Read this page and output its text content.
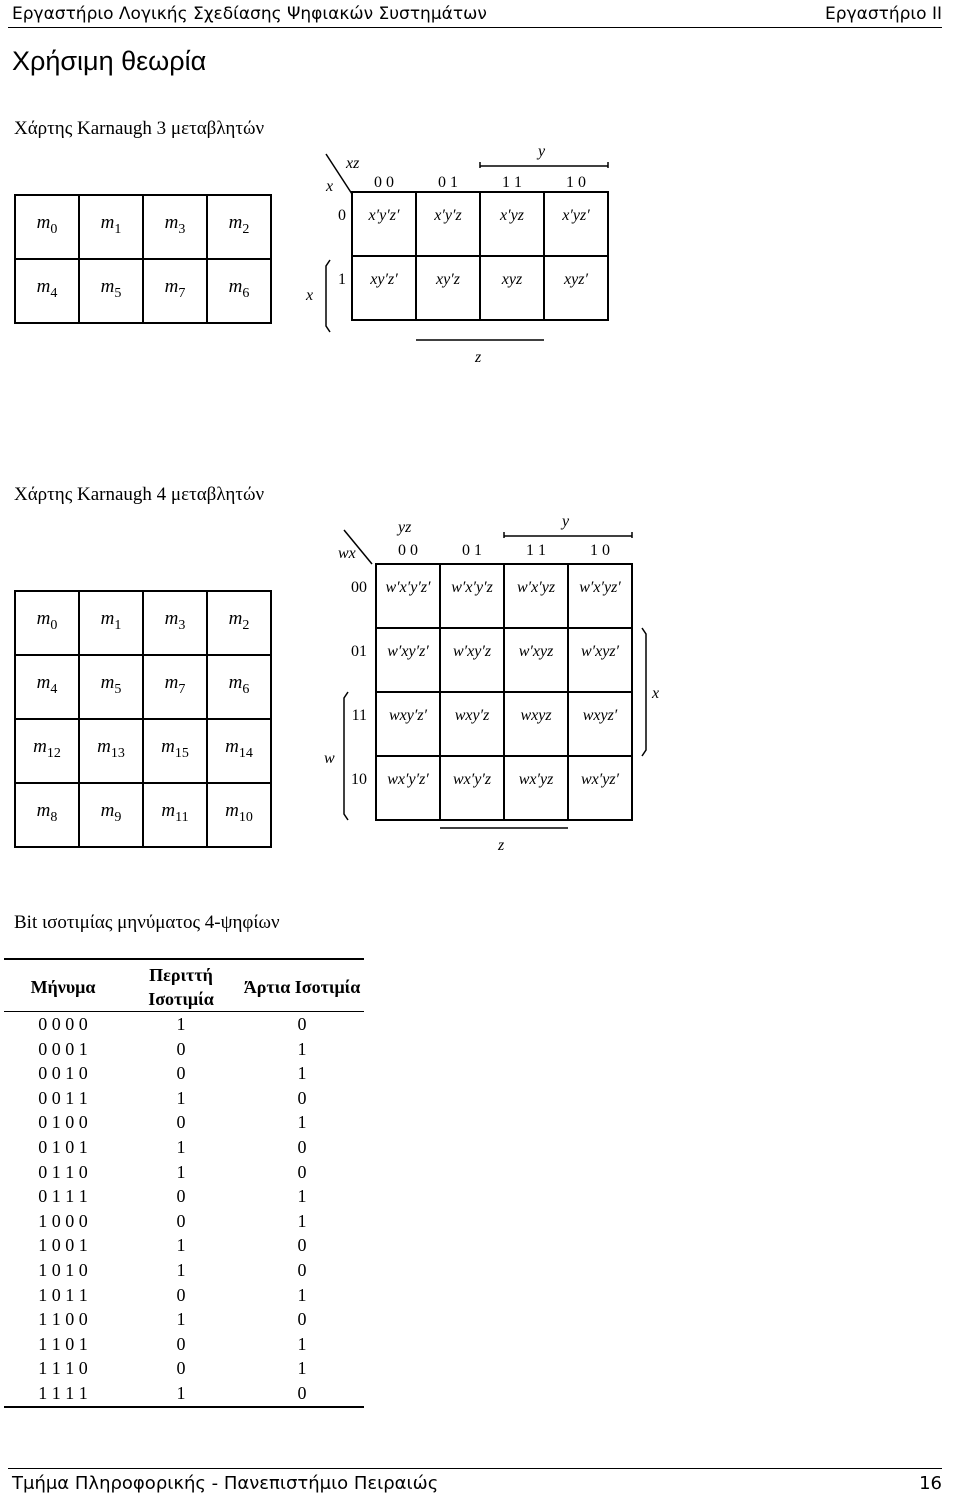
Εργαστήριο Λογικής Σχεδίασης Ψηφιακών Συστημάτων	Εργαστήριο ΙΙ
Χρήσιμη θεωρία
Χάρτης Karnaugh 3 μεταβλητών
$m_0$	$m_1$	$m_3$	$m_2$
$m_4$	$m_5$	$m_7$	$m_6$
xz
x
y
x
z
0 0	0 1	1 1	1 0
0
1
x′y′z′ x′y′z x′yz x′yz′
xy′z′ xy′z	xyz	xyz′
Χάρτης Karnaugh 4 μεταβλητών
$m_0$	$m_1$	$m_3$	$m_2$
$m_4$	$m_5$	$m_7$	$m_6$
$m_{12}$	$m_{13}$	$m_{15}$	$m_{14}$
$m_8$	$m_9$	$m_{11}$	$m_{10}$
yz
wx
y
x
w
z
0 0	0 1	1 1	1 0
00
01
11
10
w′x′y′z′ w′x′y′z w′x′yz w′x′yz′
w′xy′z′ w′xy′z w′xyz w′xyz′
wxy′z′ wxy′z wxyz wxyz′
wx′y′z′ wx′y′z wx′yz wx′yz′
Bit ισοτιμίας μηνύματος 4-ψηφίων
Μήνυμα	Περιττή Ισοτιμία	Άρτια Ισοτιμία
0 0 0 0	1	0
0 0 0 1	0	1
0 0 1 0	0	1
0 0 1 1	1	0
0 1 0 0	0	1
0 1 0 1	1	0
0 1 1 0	1	0
0 1 1 1	0	1
1 0 0 0	0	1
1 0 0 1	1	0
1 0 1 0	1	0
1 0 1 1	0	1
1 1 0 0	1	0
1 1 0 1	0	1
1 1 1 0	0	1
1 1 1 1	1	0
Τμήμα Πληροφορικής - Πανεπιστήμιο Πειραιώς	16
